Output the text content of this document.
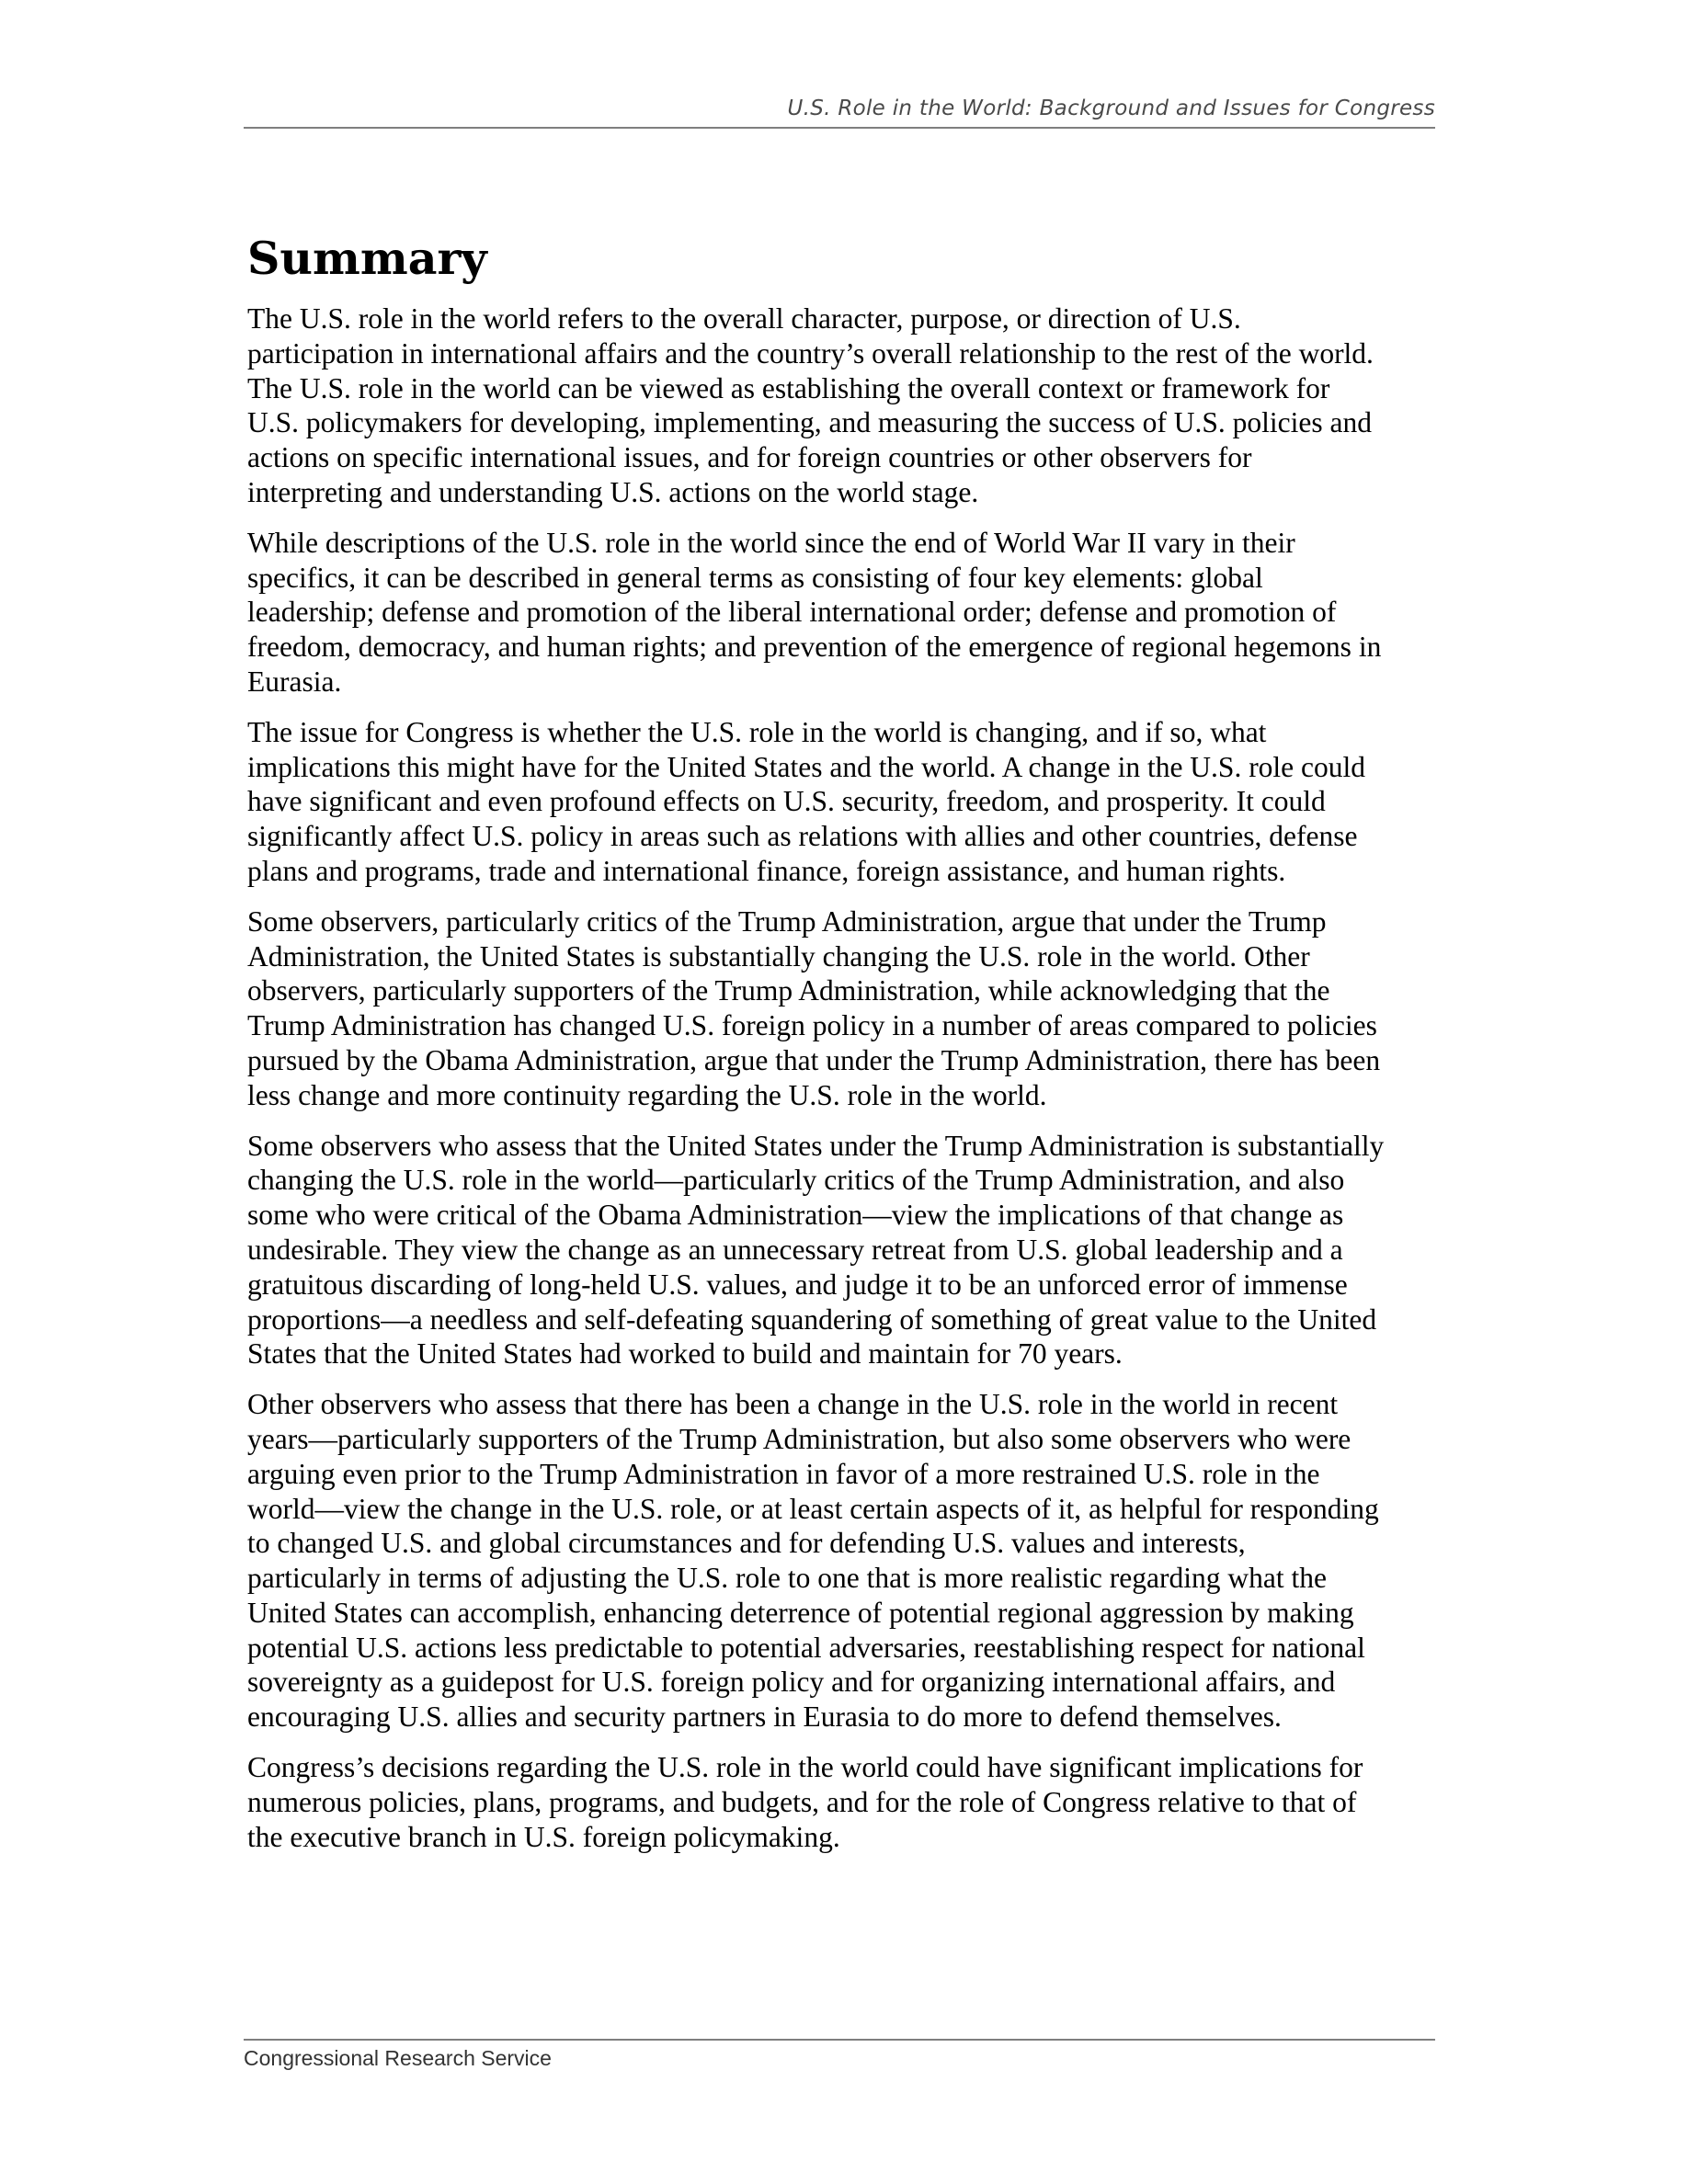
U.S. Role in the World: Background and Issues for Congress
Summary

The U.S. role in the world refers to the overall character, purpose, or direction of U.S.
participation in international affairs and the country’s overall relationship to the rest of the world.
The U.S. role in the world can be viewed as establishing the overall context or framework for
U.S. policymakers for developing, implementing, and measuring the success of U.S. policies and
actions on specific international issues, and for foreign countries or other observers for
interpreting and understanding U.S. actions on the world stage.

While descriptions of the U.S. role in the world since the end of World War II vary in their
specifics, it can be described in general terms as consisting of four key elements: global
leadership; defense and promotion of the liberal international order; defense and promotion of
freedom, democracy, and human rights; and prevention of the emergence of regional hegemons in
Eurasia.

The issue for Congress is whether the U.S. role in the world is changing, and if so, what
implications this might have for the United States and the world. A change in the U.S. role could
have significant and even profound effects on U.S. security, freedom, and prosperity. It could
significantly affect U.S. policy in areas such as relations with allies and other countries, defense
plans and programs, trade and international finance, foreign assistance, and human rights.

Some observers, particularly critics of the Trump Administration, argue that under the Trump
Administration, the United States is substantially changing the U.S. role in the world. Other
observers, particularly supporters of the Trump Administration, while acknowledging that the
Trump Administration has changed U.S. foreign policy in a number of areas compared to policies
pursued by the Obama Administration, argue that under the Trump Administration, there has been
less change and more continuity regarding the U.S. role in the world.

Some observers who assess that the United States under the Trump Administration is substantially
changing the U.S. role in the world—particularly critics of the Trump Administration, and also
some who were critical of the Obama Administration—view the implications of that change as
undesirable. They view the change as an unnecessary retreat from U.S. global leadership and a
gratuitous discarding of long-held U.S. values, and judge it to be an unforced error of immense
proportions—a needless and self-defeating squandering of something of great value to the United
States that the United States had worked to build and maintain for 70 years.

Other observers who assess that there has been a change in the U.S. role in the world in recent
years—particularly supporters of the Trump Administration, but also some observers who were
arguing even prior to the Trump Administration in favor of a more restrained U.S. role in the
world—view the change in the U.S. role, or at least certain aspects of it, as helpful for responding
to changed U.S. and global circumstances and for defending U.S. values and interests,
particularly in terms of adjusting the U.S. role to one that is more realistic regarding what the
United States can accomplish, enhancing deterrence of potential regional aggression by making
potential U.S. actions less predictable to potential adversaries, reestablishing respect for national
sovereignty as a guidepost for U.S. foreign policy and for organizing international affairs, and
encouraging U.S. allies and security partners in Eurasia to do more to defend themselves.

Congress’s decisions regarding the U.S. role in the world could have significant implications for
numerous policies, plans, programs, and budgets, and for the role of Congress relative to that of
the executive branch in U.S. foreign policymaking.

Congressional Research Service
